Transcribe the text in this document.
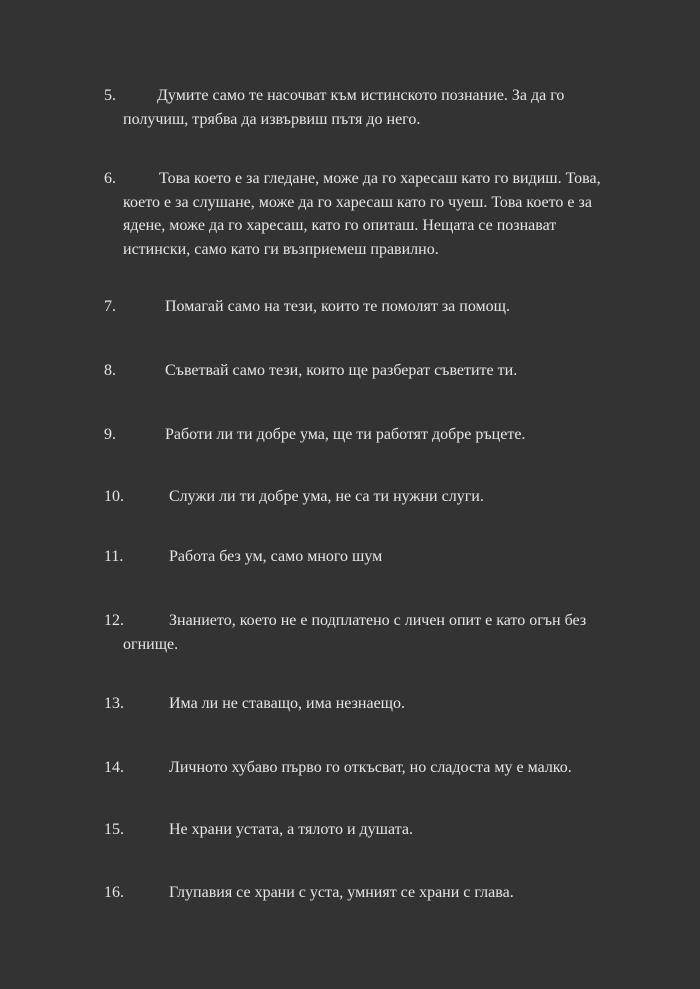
5.	Думите само те насочват към истинското познание. За да го получиш, трябва да извървиш пътя до него.
6.	Това което е за гледане, може да го харесаш като го видиш. Това, което е за слушане, може да го харесаш като го чуеш. Това което е за ядене, може да го харесаш, като го опиташ. Нещата се познават истински, само като ги възприемеш правилно.
7.	Помагай само на тези, които те помолят за помощ.
8.	Съветвай само тези, които ще разберат съветите ти.
9.	Работи ли ти добре ума, ще ти работят добре ръцете.
10.	Служи ли ти добре ума, не са ти нужни слуги.
11.	Работа без ум, само много шум
12.	Знанието, което не е подплатено с личен опит е като огън без огнище.
13.	Има ли не ставащо, има незнаещо.
14.	Личното хубаво първо го откъсват, но сладоста му е малко.
15.	Не храни устата, а тялото и душата.
16.	Глупавия се храни с уста, умният се храни с глава.
